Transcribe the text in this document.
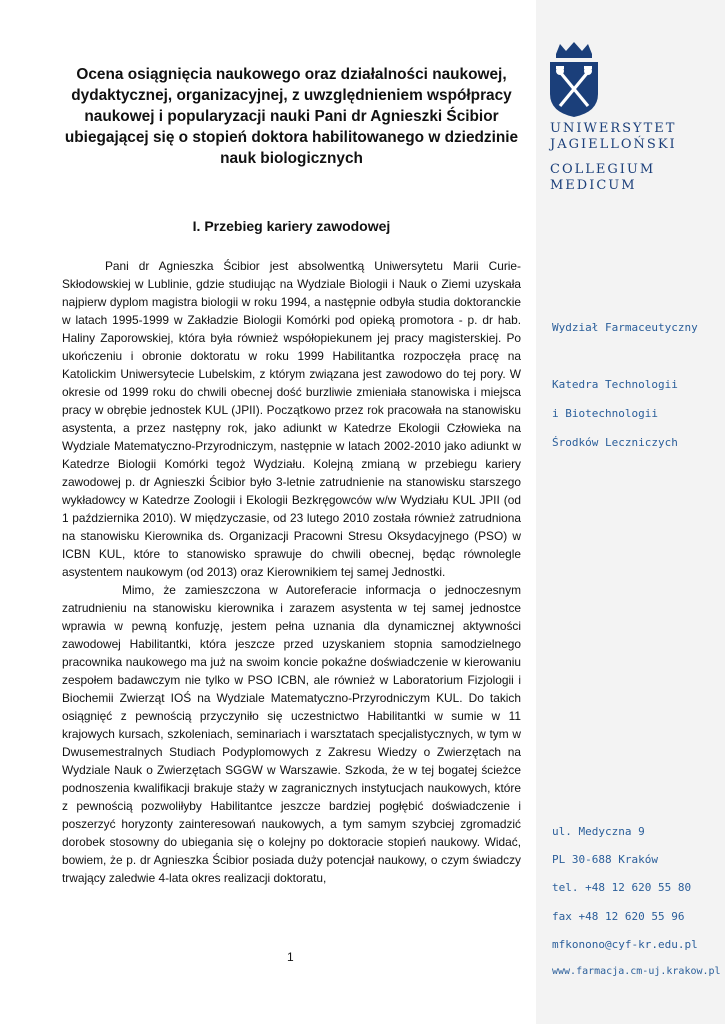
UNIWERSYTET
JAGIELLOŃSKI
COLLEGIUM
MEDICUM
Wydział Farmaceutyczny
Katedra Technologii
i Biotechnologii
Środków Leczniczych
ul. Medyczna 9
PL 30-688 Kraków
tel. +48 12 620 55 80
fax +48 12 620 55 96
mfkonono@cyf-kr.edu.pl
www.farmacja.cm-uj.krakow.pl
Ocena osiągnięcia naukowego oraz działalności naukowej, dydaktycznej, organizacyjnej, z uwzględnieniem współpracy naukowej i popularyzacji nauki Pani dr Agnieszki Ścibior ubiegającej się o stopień doktora habilitowanego w dziedzinie nauk biologicznych
I. Przebieg kariery zawodowej

Pani dr Agnieszka Ścibior jest absolwentką Uniwersytetu Marii Curie-Skłodowskiej w Lublinie, gdzie studiując na Wydziale Biologii i Nauk o Ziemi uzyskała najpierw dyplom magistra biologii w roku 1994, a następnie odbyła studia doktoranckie w latach 1995-1999 w Zakładzie Biologii Komórki pod opieką promotora - p. dr hab. Haliny Zaporowskiej, która była również współopiekunem jej pracy magisterskiej. Po ukończeniu i obronie doktoratu w roku 1999 Habilitantka rozpoczęła pracę na Katolickim Uniwersytecie Lubelskim, z którym związana jest zawodowo do tej pory. W okresie od 1999 roku do chwili obecnej dość burzliwie zmieniała stanowiska i miejsca pracy w obrębie jednostek KUL (JPII). Początkowo przez rok pracowała na stanowisku asystenta, a przez następny rok, jako adiunkt w Katedrze Ekologii Człowieka na Wydziale Matematyczno-Przyrodniczym, następnie w latach 2002-2010 jako adiunkt w Katedrze Biologii Komórki tegoż Wydziału. Kolejną zmianą w przebiegu kariery zawodowej p. dr Agnieszki Ścibior było 3-letnie zatrudnienie na stanowisku starszego wykładowcy w Katedrze Zoologii i Ekologii Bezkręgowców w/w Wydziału KUL JPII (od 1 października 2010). W międzyczasie, od 23 lutego 2010 została również zatrudniona na stanowisku Kierownika ds. Organizacji Pracowni Stresu Oksydacyjnego (PSO) w ICBN KUL, które to stanowisko sprawuje do chwili obecnej, będąc równolegle asystentem naukowym (od 2013) oraz Kierownikiem tej samej Jednostki.

Mimo, że zamieszczona w Autoreferacie informacja o jednoczesnym zatrudnieniu na stanowisku kierownika i zarazem asystenta w tej samej jednostce wprawia w pewną konfuzję, jestem pełna uznania dla dynamicznej aktywności zawodowej Habilitantki, która jeszcze przed uzyskaniem stopnia samodzielnego pracownika naukowego ma już na swoim koncie pokaźne doświadczenie w kierowaniu zespołem badawczym nie tylko w PSO ICBN, ale również w Laboratorium Fizjologii i Biochemii Zwierząt IOŚ na Wydziale Matematyczno-Przyrodniczym KUL. Do takich osiągnięć z pewnością przyczyniło się uczestnictwo Habilitantki w sumie w 11 krajowych kursach, szkoleniach, seminariach i warsztatach specjalistycznych, w tym w Dwusemestralnych Studiach Podyplomowych z Zakresu Wiedzy o Zwierzętach na Wydziale Nauk o Zwierzętach SGGW w Warszawie. Szkoda, że w tej bogatej ścieżce podnoszenia kwalifikacji brakuje staży w zagranicznych instytucjach naukowych, które z pewnością pozwoliłyby Habilitantce jeszcze bardziej pogłębić doświadczenie i poszerzyć horyzonty zainteresowań naukowych, a tym samym szybciej zgromadzić dorobek stosowny do ubiegania się o kolejny po doktoracie stopień naukowy. Widać, bowiem, że p. dr Agnieszka Ścibior posiada duży potencjał naukowy, o czym świadczy trwający zaledwie 4-lata okres realizacji doktoratu,

1
